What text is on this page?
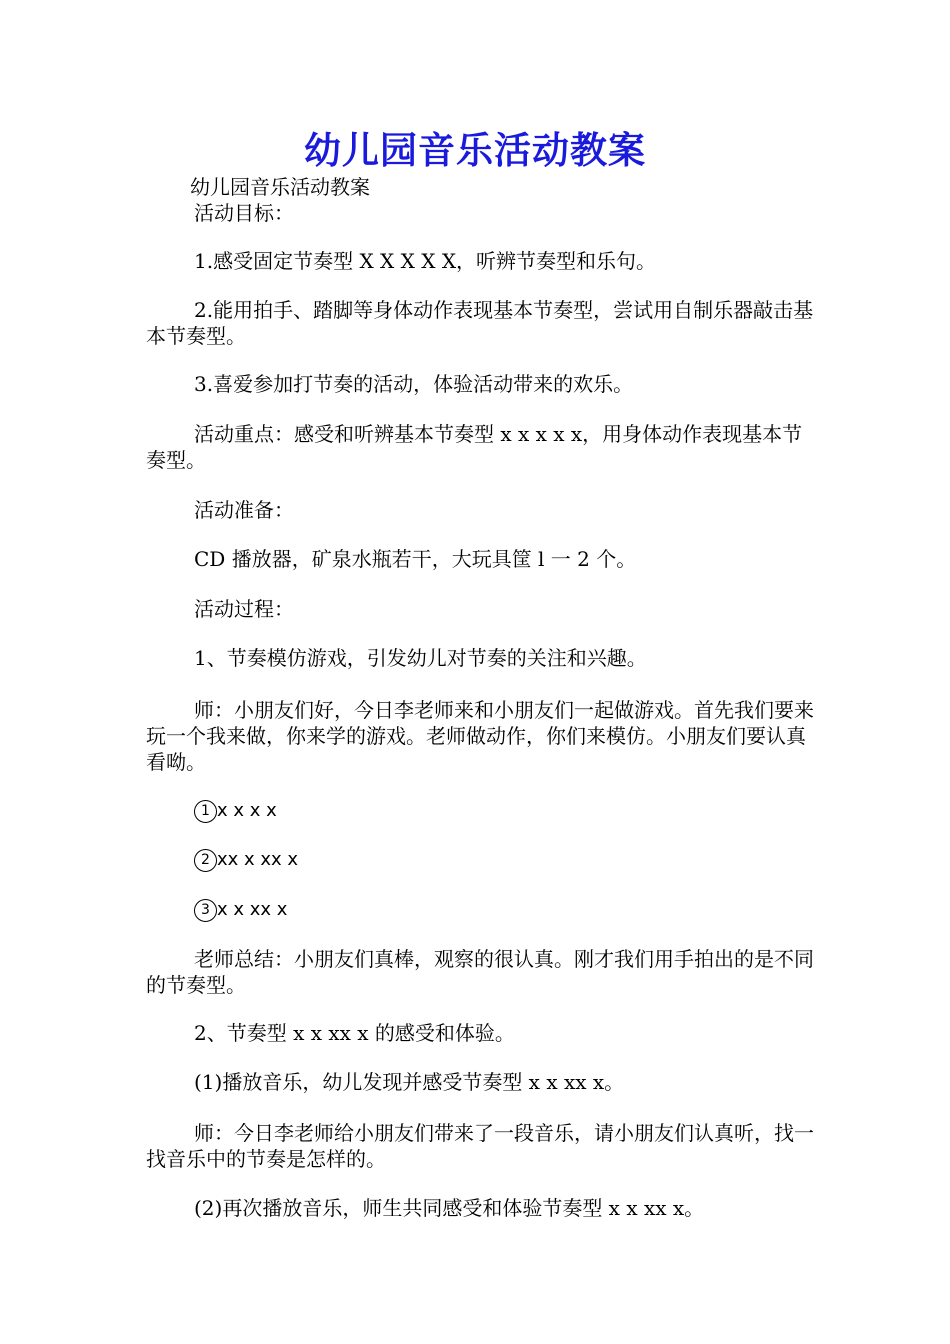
幼儿园音乐活动教案

幼儿园音乐活动教案

活动目标：

1.感受固定节奏型 X X X X X，听辨节奏型和乐句。

2.能用拍手、踏脚等身体动作表现基本节奏型，尝试用自制乐器敲击基本节奏型。

3.喜爱参加打节奏的活动，体验活动带来的欢乐。

活动重点：感受和听辨基本节奏型 x x x x x，用身体动作表现基本节奏型。

活动准备：

CD 播放器，矿泉水瓶若干，大玩具筐 l 一 2 个。

活动过程：

1、节奏模仿游戏，引发幼儿对节奏的关注和兴趣。

师：小朋友们好，今日李老师来和小朋友们一起做游戏。首先我们要来玩一个我来做，你来学的游戏。老师做动作，你们来模仿。小朋友们要认真看呦。

1 x x x x

2 xx x xx x

3 x x xx x

老师总结：小朋友们真棒，观察的很认真。刚才我们用手拍出的是不同的节奏型。

2、节奏型 x x xx x 的感受和体验。

(1)播放音乐，幼儿发现并感受节奏型 x x xx x。

师：今日李老师给小朋友们带来了一段音乐，请小朋友们认真听，找一找音乐中的节奏是怎样的。

(2)再次播放音乐，师生共同感受和体验节奏型 x x xx x。
